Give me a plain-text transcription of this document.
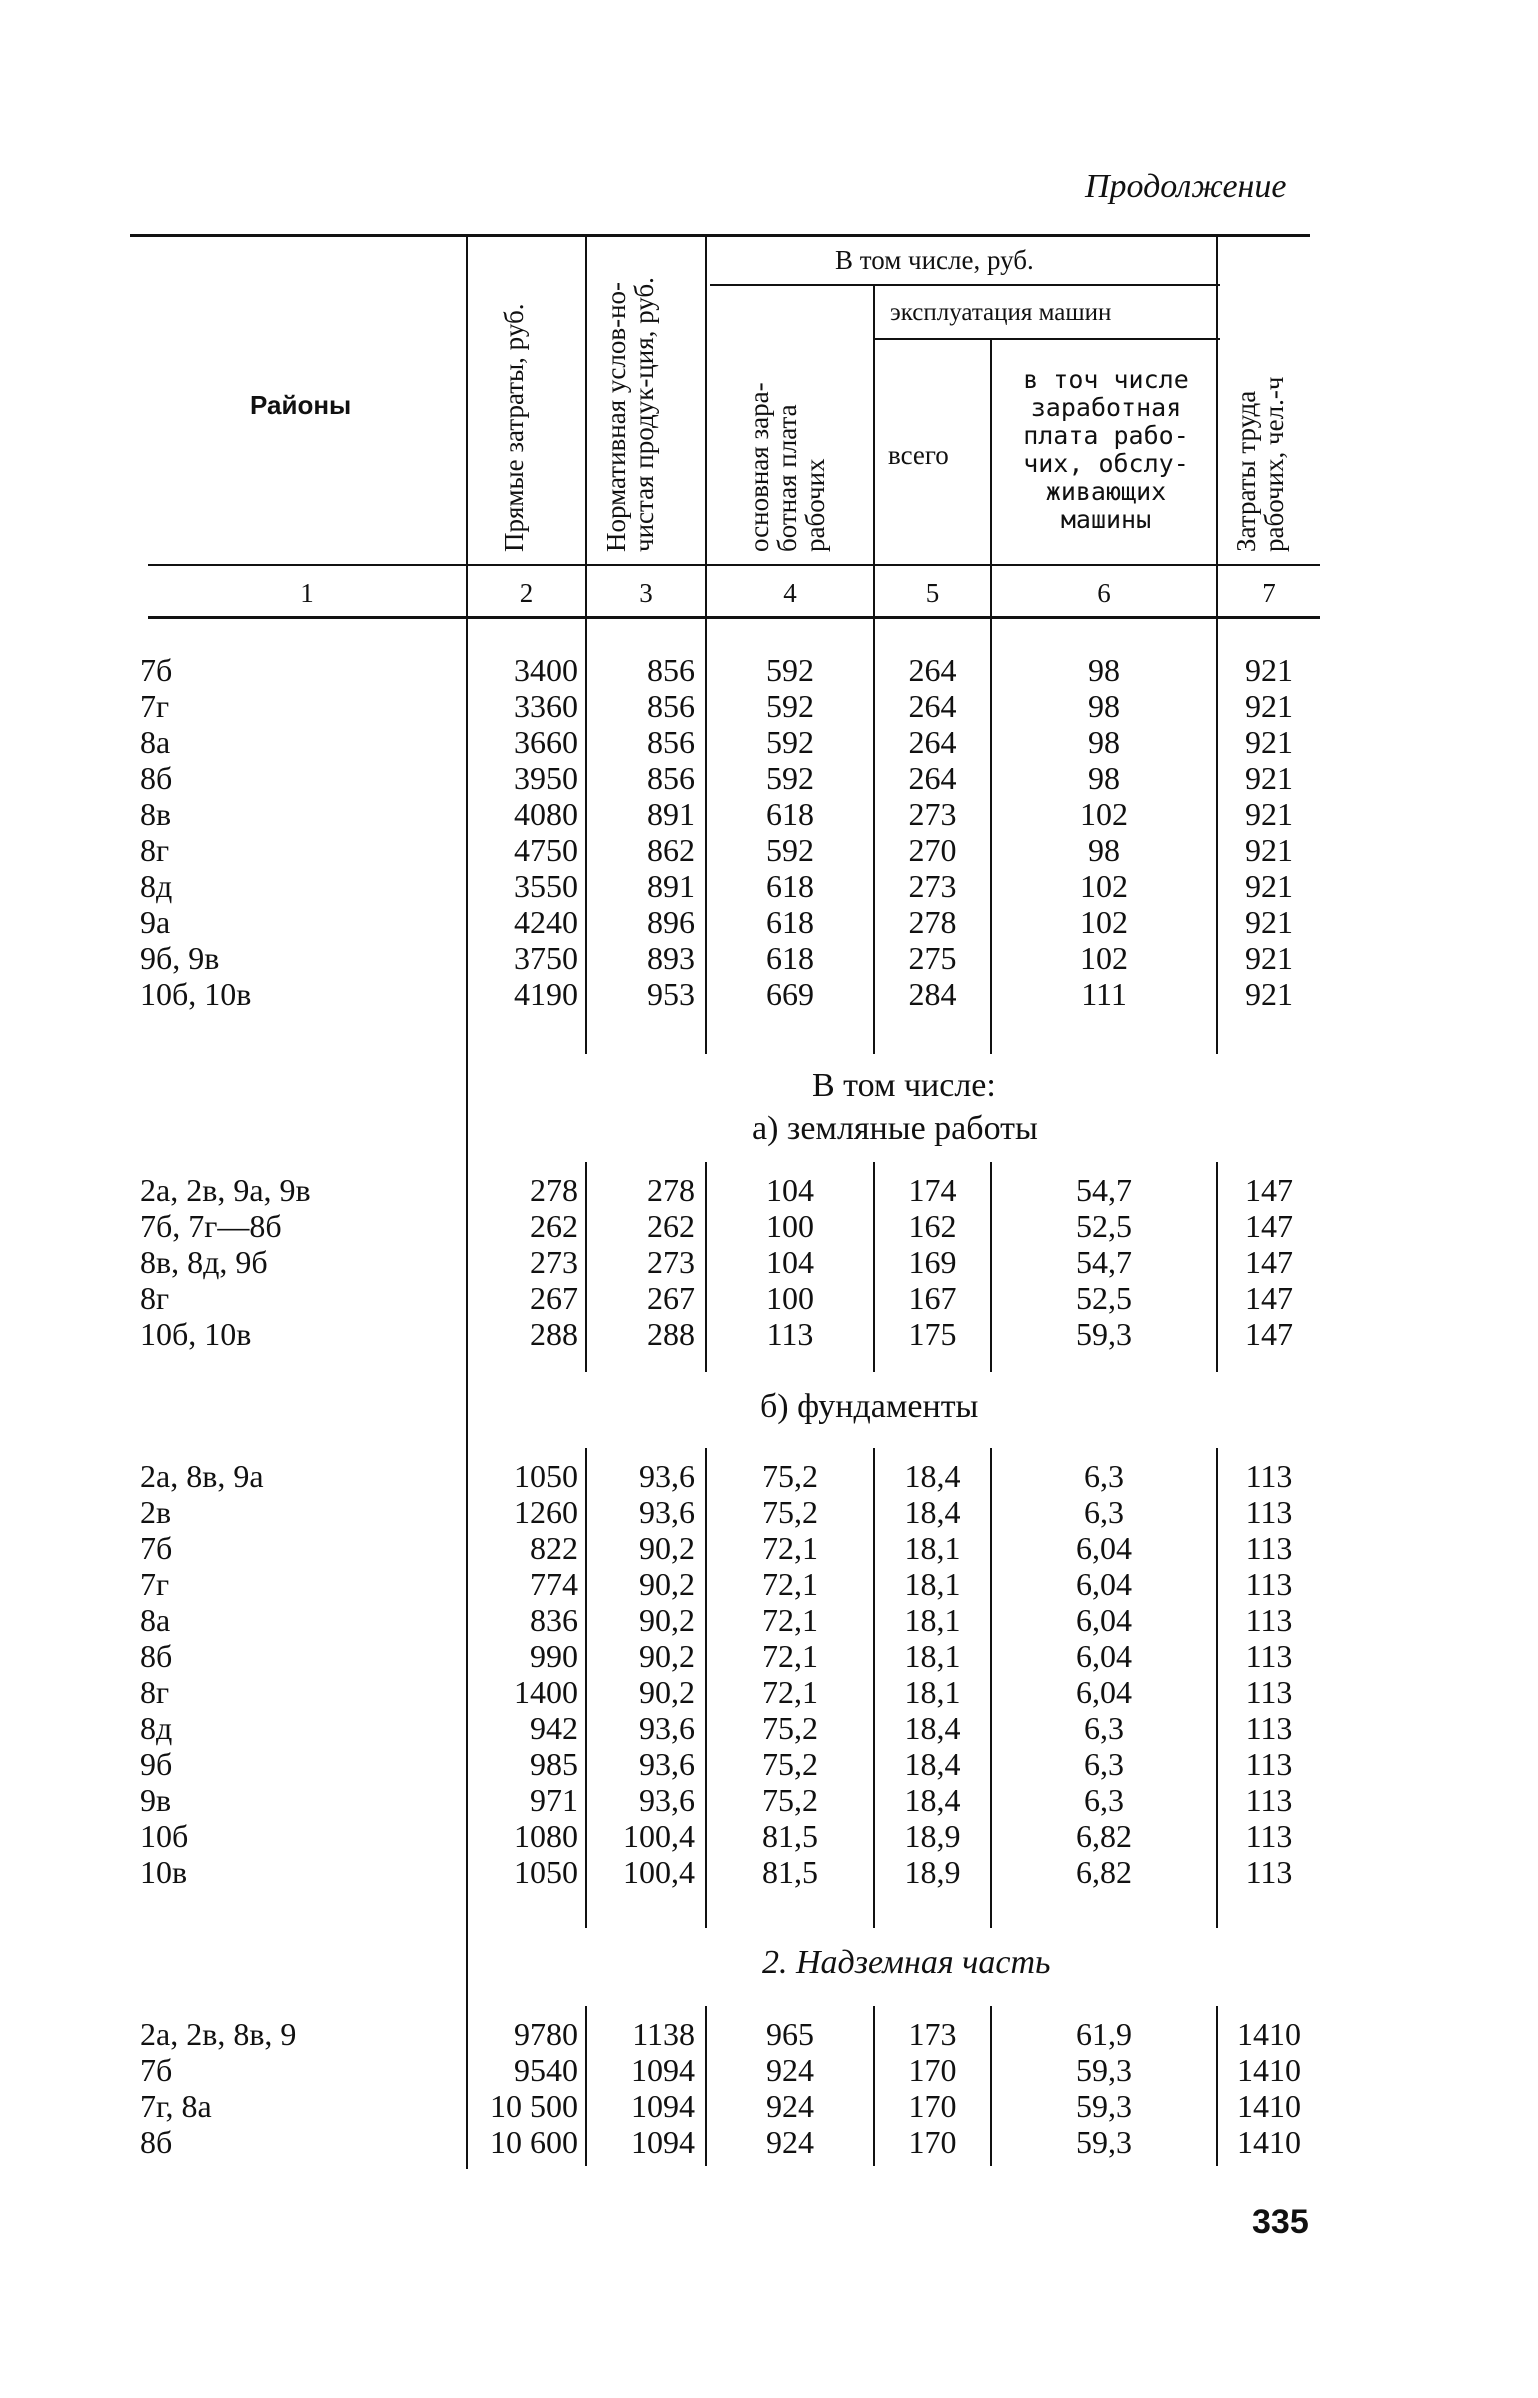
Продолжение
Районы	Прямые затраты, руб.	Нормативная услов-но-чистая продук-ция, руб.
В том числе, руб.
основная зара-ботная плата рабочих
эксплуатация машин
всего
в точ числе заработная плата рабо-чих, обслу-живающих машины	Затраты труда рабочих, чел.-ч
1	2	3	4	5	6	7
В том числе:
а) земляные работы
б) фундаменты
2. Надземная часть
7б	3400	856	592	264	98	921
7г	3360	856	592	264	98	921
8а	3660	856	592	264	98	921
8б	3950	856	592	264	98	921
8в	4080	891	618	273	102	921
8г	4750	862	592	270	98	921
8д	3550	891	618	273	102	921
9а	4240	896	618	278	102	921
9б, 9в	3750	893	618	275	102	921
10б, 10в	4190	953	669	284	111	921
2а, 2в, 9а, 9в	278	278	104	174	54,7	147
7б, 7г—8б	262	262	100	162	52,5	147
8в, 8д, 9б	273	273	104	169	54,7	147
8г	267	267	100	167	52,5	147
10б, 10в	288	288	113	175	59,3	147
2а, 8в, 9а	1050	93,6	75,2	18,4	6,3	113
2в	1260	93,6	75,2	18,4	6,3	113
7б	822	90,2	72,1	18,1	6,04	113
7г	774	90,2	72,1	18,1	6,04	113
8а	836	90,2	72,1	18,1	6,04	113
8б	990	90,2	72,1	18,1	6,04	113
8г	1400	90,2	72,1	18,1	6,04	113
8д	942	93,6	75,2	18,4	6,3	113
9б	985	93,6	75,2	18,4	6,3	113
9в	971	93,6	75,2	18,4	6,3	113
10б	1080	100,4	81,5	18,9	6,82	113
10в	1050	100,4	81,5	18,9	6,82	113
2а, 2в, 8в, 9	9780	1138	965	173	61,9	1410
7б	9540	1094	924	170	59,3	1410
7г, 8а	10 500	1094	924	170	59,3	1410
8б	10 600	1094	924	170	59,3	1410
335
